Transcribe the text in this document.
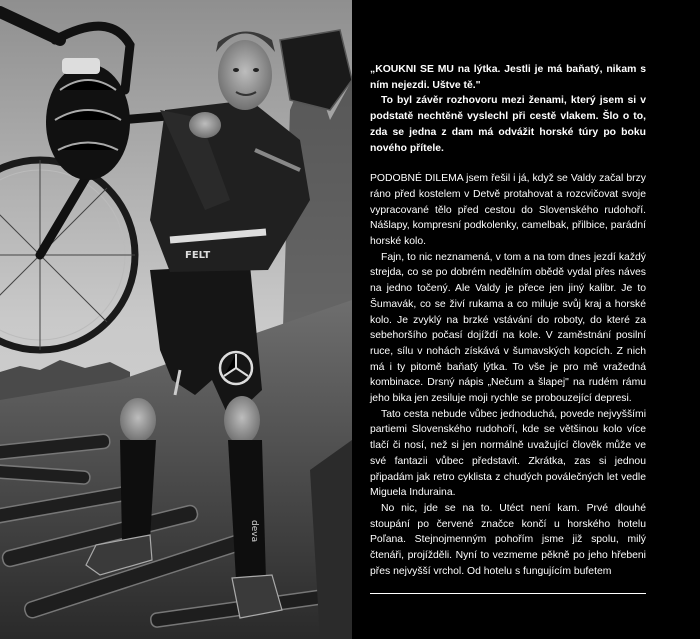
deva
FELT

„KOUKNI SE MU na lýtka. Jestli je má baňatý, nikam s ním nejezdi. Uštve tě."

To byl závěr rozhovoru mezi ženami, který jsem si v podstatě nechtěně vyslechl při cestě vlakem. Šlo o to, zda se jedna z dam má odvážit horské túry po boku nového přítele.

PODOBNÉ DILEMA jsem řešil i já, když se Valdy začal brzy ráno před kostelem v Detvě protahovat a rozcvičovat svoje vypracované tělo před cestou do Slovenského rudohoří. Nášlapy, kompresní podkolenky, camelbak, přilbice, parádní horské kolo.

Fajn, to nic neznamená, v tom a na tom dnes jezdí každý strejda, co se po dobrém nedělním obědě vydal přes náves na jedno točený. Ale Valdy je přece jen jiný kalibr. Je to Šumavák, co se živí rukama a co miluje svůj kraj a horské kolo. Je zvyklý na brzké vstávání do roboty, do které za sebehoršího počasí dojíždí na kole. V zaměstnání posilní ruce, sílu v nohách získává v šumavských kopcích. Z nich má i ty pitomě baňatý lýtka. To vše je pro mě vražedná kombinace. Drsný nápis „Nečum a šlapej" na rudém rámu jeho bika jen zesiluje moji rychle se probouzející depresi.

Tato cesta nebude vůbec jednoduchá, povede nejvyššími partiemi Slovenského rudohoří, kde se většinou kolo více tlačí či nosí, než si jen normálně uvažující člověk může ve své fantazii vůbec představit. Zkrátka, zas si jednou připadám jak retro cyklista z chudých poválečných let vedle Miguela Induraina.

No nic, jde se na to. Utéct není kam. Prvé dlouhé stoupání po červené značce končí u horského hotelu Poľana. Stejnojmenným pohořím jsme již spolu, milý čtenáři, projížděli. Nyní to vezmeme pěkně po jeho hřebeni přes nejvyšší vrchol. Od hotelu s fungujícím bufetem
